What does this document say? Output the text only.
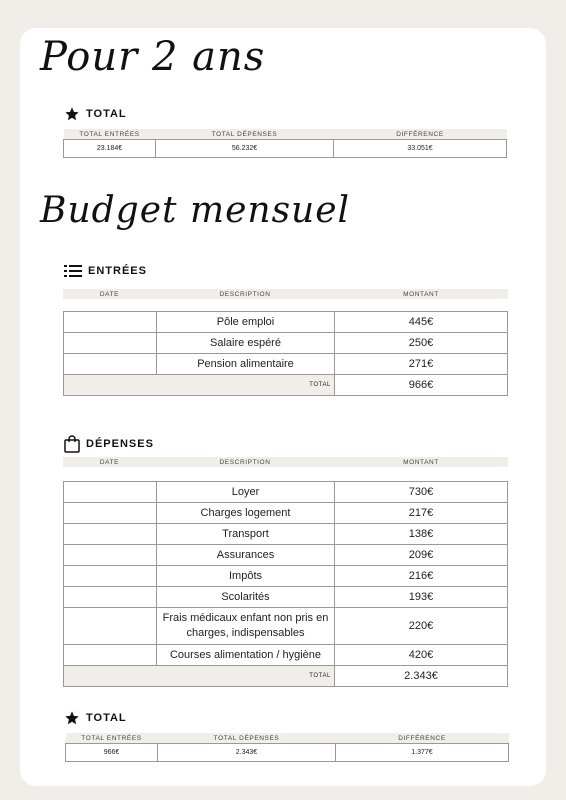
Pour 2 ans
TOTAL
TOTAL ENTRÉES	TOTAL DÉPENSES	DIFFÉRENCE
23.184€	56.232€	33.051€
Budget mensuel
ENTRÉES
DATE	DESCRIPTION	MONTANT
	Pôle emploi	445€
	Salaire espéré	250€
	Pension alimentaire	271€
TOTAL		966€
DÉPENSES
DATE	DESCRIPTION	MONTANT
	Loyer	730€
	Charges logement	217€
	Transport	138€
	Assurances	209€
	Impôts	216€
	Scolarités	193€
	Frais médicaux enfant non pris en charges, indispensables	220€
	Courses alimentation / hygiène	420€
TOTAL		2.343€
TOTAL
TOTAL ENTRÉES	TOTAL DÉPENSES	DIFFÉRENCE
966€	2.343€	1.377€
